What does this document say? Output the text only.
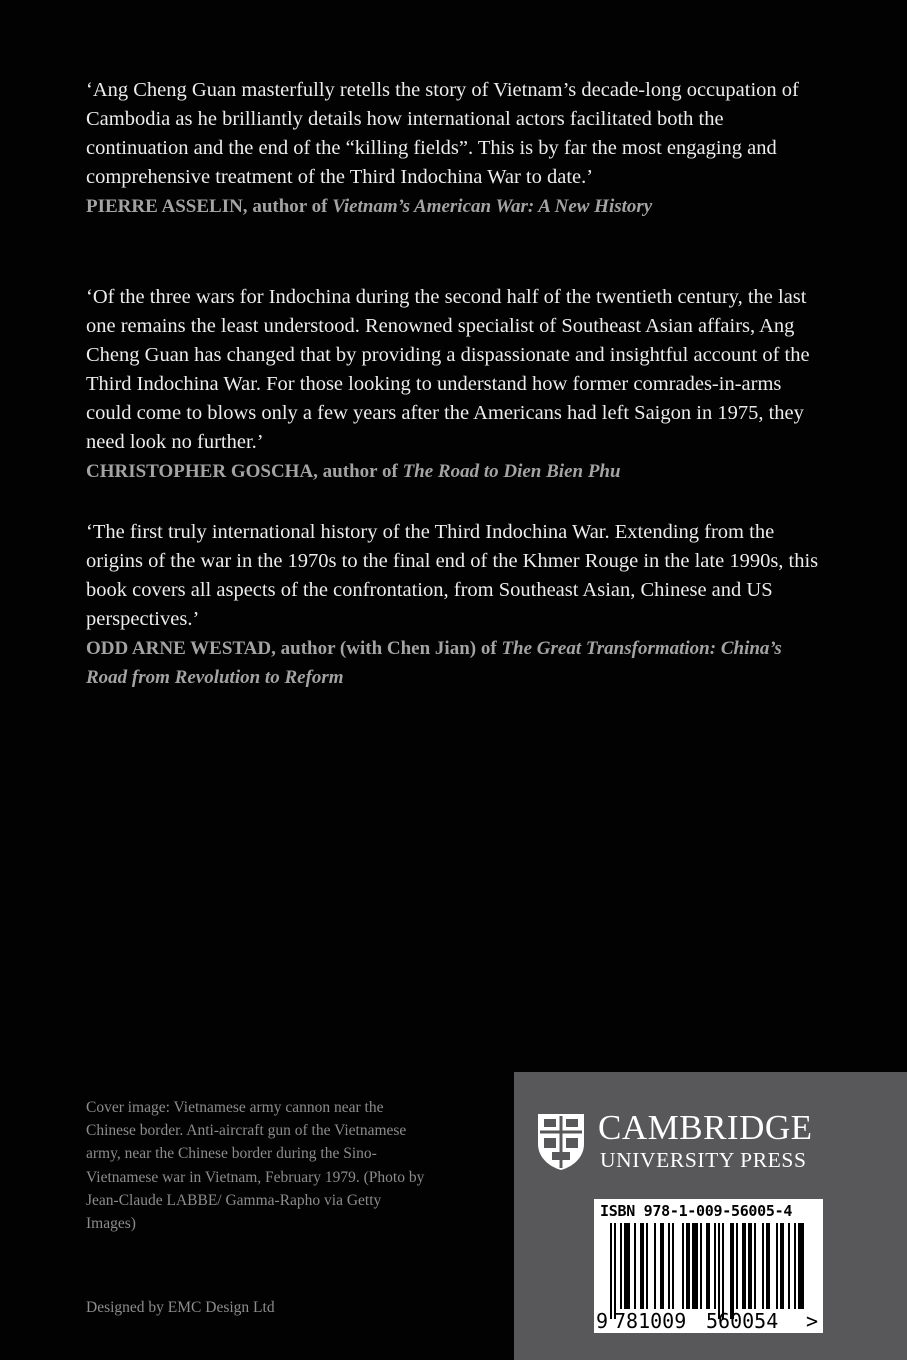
‘Ang Cheng Guan masterfully retells the story of Vietnam’s decade-long occupation of Cambodia as he brilliantly details how international actors facilitated both the continuation and the end of the “killing fields”. This is by far the most engaging and comprehensive treatment of the Third Indochina War to date.’

PIERRE ASSELIN, author of Vietnam’s American War: A New History

‘Of the three wars for Indochina during the second half of the twentieth century, the last one remains the least understood. Renowned specialist of Southeast Asian affairs, Ang Cheng Guan has changed that by providing a dispassionate and insightful account of the Third Indochina War. For those looking to understand how former comrades-in-arms could come to blows only a few years after the Americans had left Saigon in 1975, they need look no further.’

CHRISTOPHER GOSCHA, author of The Road to Dien Bien Phu

‘The first truly international history of the Third Indochina War. Extending from the origins of the war in the 1970s to the final end of the Khmer Rouge in the late 1990s, this book covers all aspects of the confrontation, from Southeast Asian, Chinese and US perspectives.’

ODD ARNE WESTAD, author (with Chen Jian) of The Great Transformation: China’s Road from Revolution to Reform

Cover image: Vietnamese army cannon near the Chinese border. Anti-aircraft gun of the Vietnamese army, near the Chinese border during the Sino-Vietnamese war in Vietnam, February 1979. (Photo by Jean-Claude LABBE/ Gamma-Rapho via Getty Images)

Designed by EMC Design Ltd

CAMBRIDGE
UNIVERSITY PRESS
ISBN 978-1-009-56005-4
9 781009 560054 >
